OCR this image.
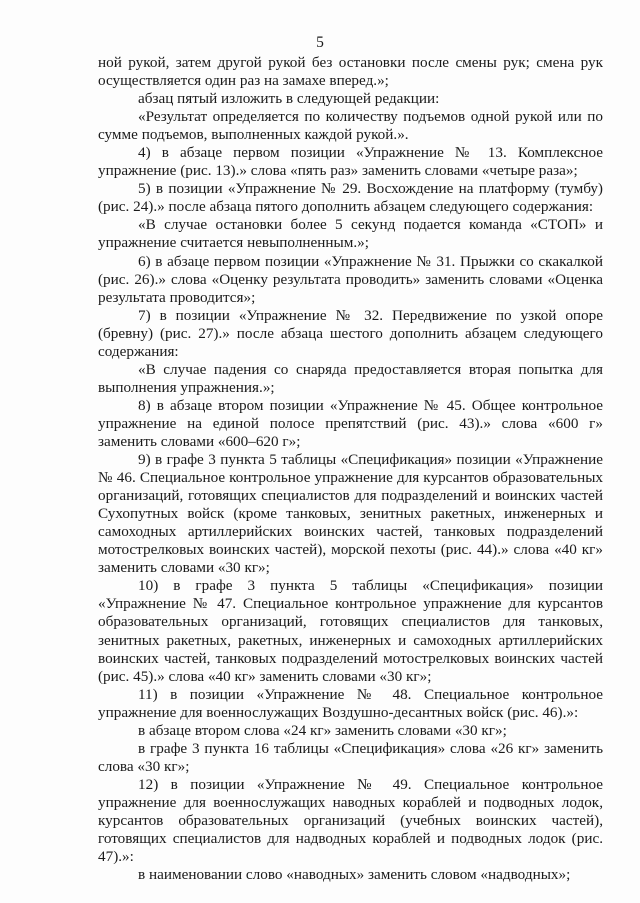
5

ной рукой, затем другой рукой без остановки после смены рук; смена рук осуществляется один раз на замахе вперед.»;

абзац пятый изложить в следующей редакции:

«Результат определяется по количеству подъемов одной рукой или по сумме подъемов, выполненных каждой рукой.».

4) в абзаце первом позиции «Упражнение № 13. Комплексное упражнение (рис. 13).» слова «пять раз» заменить словами «четыре раза»;

5) в позиции «Упражнение № 29. Восхождение на платформу (тумбу) (рис. 24).» после абзаца пятого дополнить абзацем следующего содержания:

«В случае остановки более 5 секунд подается команда «СТОП» и упражнение считается невыполненным.»;

6) в абзаце первом позиции «Упражнение № 31. Прыжки со скакалкой (рис. 26).» слова «Оценку результата проводить» заменить словами «Оценка результата проводится»;

7) в позиции «Упражнение № 32. Передвижение по узкой опоре (бревну) (рис. 27).» после абзаца шестого дополнить абзацем следующего содержания:

«В случае падения со снаряда предоставляется вторая попытка для выполнения упражнения.»;

8) в абзаце втором позиции «Упражнение № 45. Общее контрольное упражнение на единой полосе препятствий (рис. 43).» слова «600 г» заменить словами «600–620 г»;

9) в графе 3 пункта 5 таблицы «Спецификация» позиции «Упражнение № 46. Специальное контрольное упражнение для курсантов образовательных организаций, готовящих специалистов для подразделений и воинских частей Сухопутных войск (кроме танковых, зенитных ракетных, инженерных и самоходных артиллерийских воинских частей, танковых подразделений мотострелковых воинских частей), морской пехоты (рис. 44).» слова «40 кг» заменить словами «30 кг»;

10) в графе 3 пункта 5 таблицы «Спецификация» позиции «Упражнение № 47. Специальное контрольное упражнение для курсантов образовательных организаций, готовящих специалистов для танковых, зенитных ракетных, ракетных, инженерных и самоходных артиллерийских воинских частей, танковых подразделений мотострелковых воинских частей (рис. 45).» слова «40 кг» заменить словами «30 кг»;

11) в позиции «Упражнение № 48. Специальное контрольное упражнение для военнослужащих Воздушно-десантных войск (рис. 46).»:

в абзаце втором слова «24 кг» заменить словами «30 кг»;

в графе 3 пункта 16 таблицы «Спецификация» слова «26 кг» заменить слова «30 кг»;

12) в позиции «Упражнение № 49. Специальное контрольное упражнение для военнослужащих наводных кораблей и подводных лодок, курсантов образовательных организаций (учебных воинских частей), готовящих специалистов для надводных кораблей и подводных лодок (рис. 47).»:

в наименовании слово «наводных» заменить словом «надводных»;
